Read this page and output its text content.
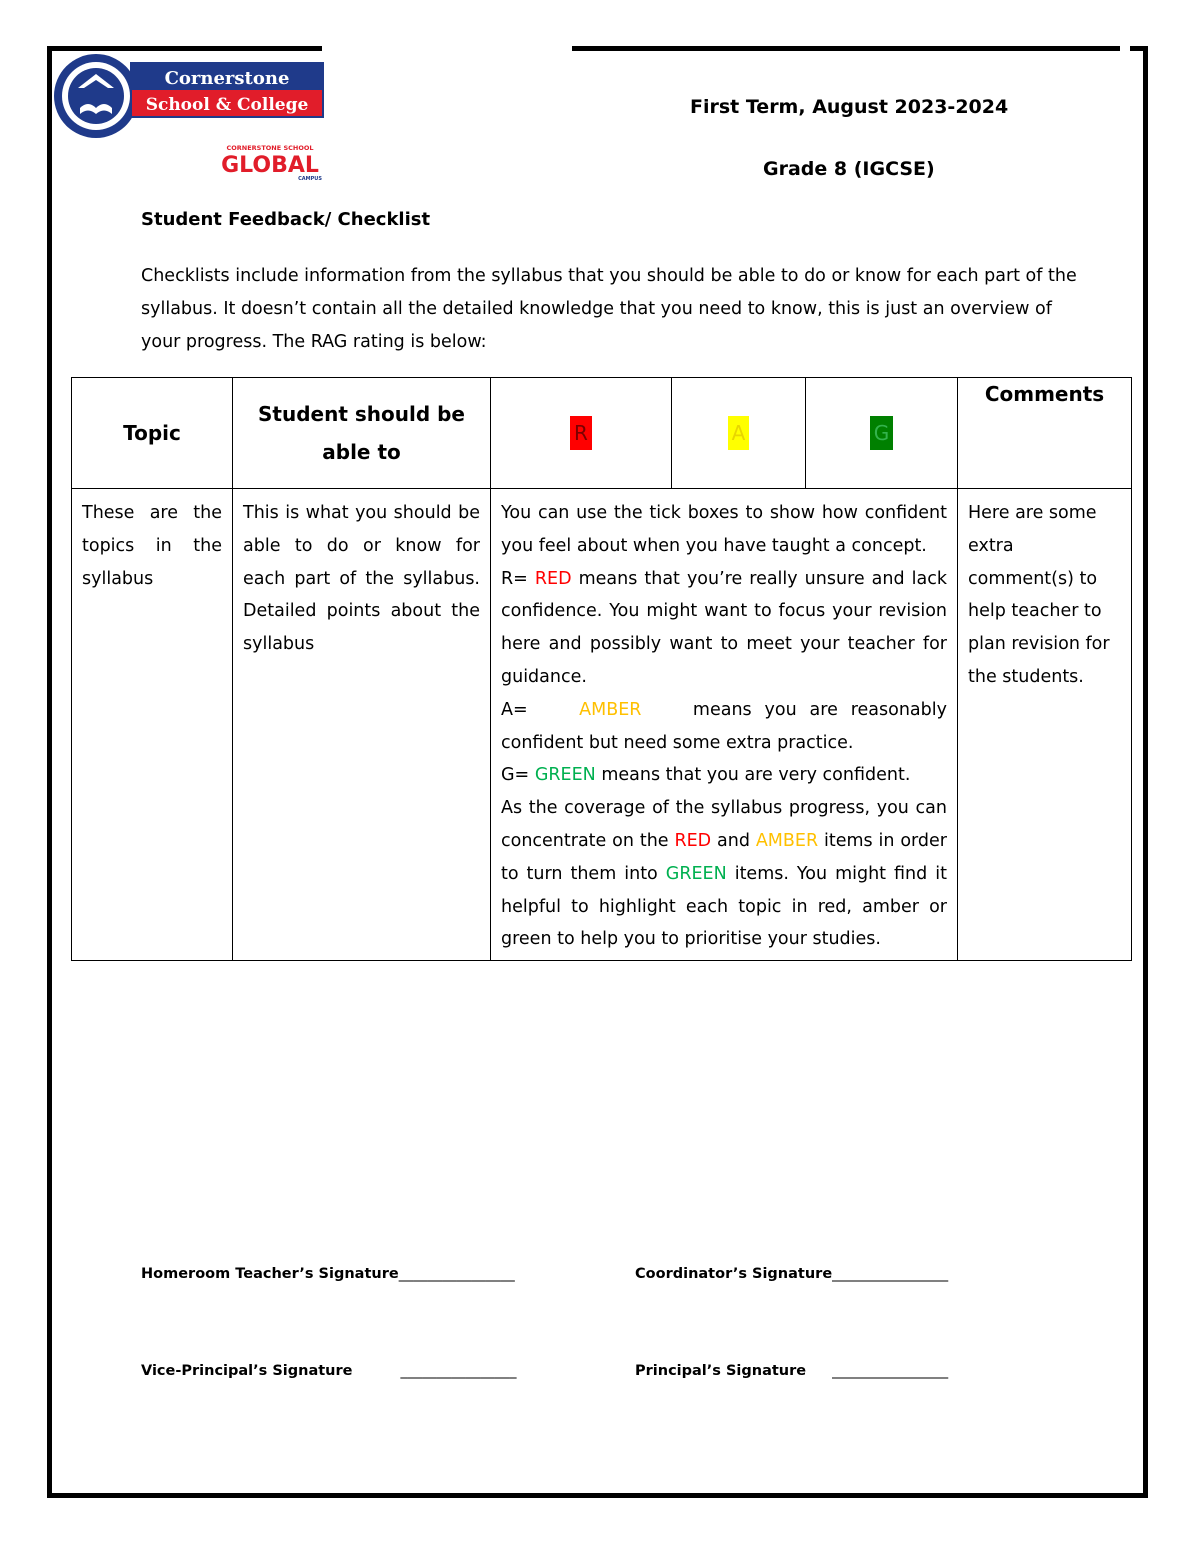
Cornerstone
School & College
CORNERSTONE SCHOOL
GLOBAL
CAMPUS
First Term, August 2023-2024
Grade 8 (IGCSE)
Student Feedback/ Checklist
Checklists include information from the syllabus that you should be able to do or know for each part of the syllabus. It doesn’t contain all the detailed knowledge that you need to know, this is just an overview of your progress. The RAG rating is below:
Topic	Student should be able to	R	A	G	Comments
These are the topics in the syllabus	This is what you should be able to do or know for each part of the syllabus. Detailed points about the syllabus	You can use the tick boxes to show how confident you feel about when you have taught a concept.
R= RED means that you’re really unsure and lack confidence. You might want to focus your revision here and possibly want to meet your teacher for guidance.
A= AMBER means you are reasonably confident but need some extra practice.
G= GREEN means that you are very confident.
As the coverage of the syllabus progress, you can concentrate on the RED and AMBER items in order to turn them into GREEN items. You might find it helpful to highlight each topic in red, amber or green to help you to prioritise your studies.			Here are some extra comment(s) to help teacher to plan revision for the students.
Homeroom Teacher’s Signature________________	Coordinator’s Signature________________
Vice-Principal’s Signature	________________	Principal’s Signature ________________
